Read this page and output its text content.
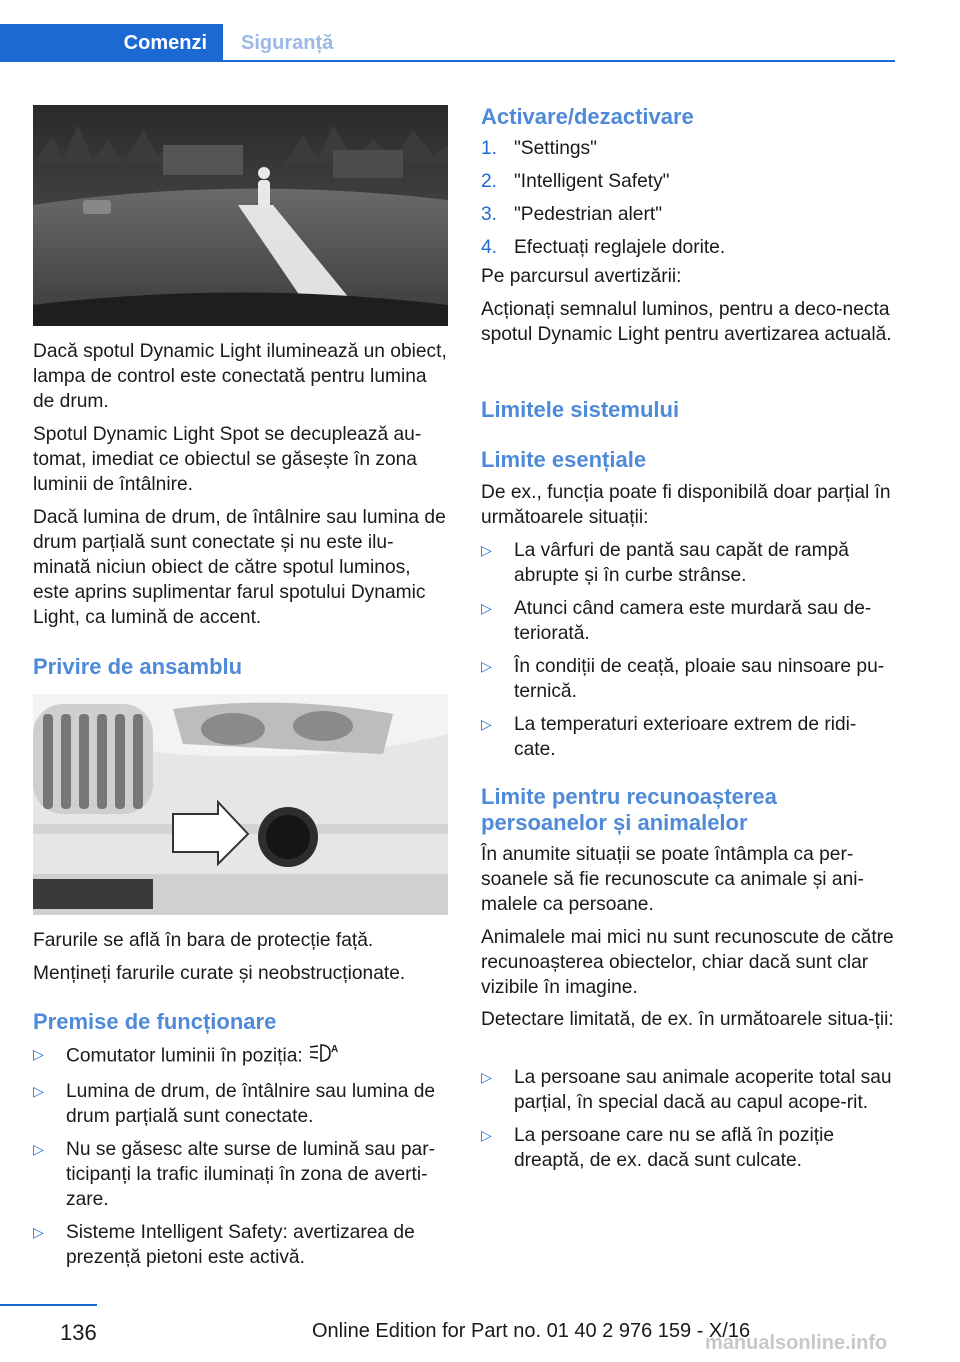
Comenzi	Siguranță

Dacă spotul Dynamic Light iluminează un obiect, lampa de control este conectată pentru lumina de drum.

Spotul Dynamic Light Spot se decuplează au‐tomat, imediat ce obiectul se găsește în zona luminii de întâlnire.

Dacă lumina de drum, de întâlnire sau lumina de drum parțială sunt conectate și nu este ilu‐minată niciun obiect de către spotul luminos, este aprins suplimentar farul spotului Dynamic Light, ca lumină de accent.

Privire de ansamblu

Farurile se află în bara de protecție față.

Mențineți farurile curate și neobstrucționate.

Premise de funcționare
▷ Comutator luminii în poziția:	A
▷ Lumina de drum, de întâlnire sau lumina de drum parțială sunt conectate.
▷ Nu se găsesc alte surse de lumină sau par‐ticipanți la trafic iluminați în zona de averti‐zare.
▷ Sisteme Intelligent Safety: avertizarea de prezență pietoni este activă.
Activare/dezactivare
1. "Settings"
2. "Intelligent Safety"
3. "Pedestrian alert"
4. Efectuați reglajele dorite.

Pe parcursul avertizării:

Acționați semnalul luminos, pentru a deco‐necta spotul Dynamic Light pentru avertizarea actuală.

Limitele sistemului
Limite esențiale

De ex., funcția poate fi disponibilă doar parțial în următoarele situații:

▷ La vârfuri de pantă sau capăt de rampă abrupte și în curbe strânse.
▷ Atunci când camera este murdară sau de‐teriorată.
▷ În condiții de ceață, ploaie sau ninsoare pu‐ternică.
▷ La temperaturi exterioare extrem de ridi‐cate.
Limite pentru recunoașterea persoanelor și animalelor

În anumite situații se poate întâmpla ca per‐soanele să fie recunoscute ca animale și ani‐malele ca persoane.

Animalele mai mici nu sunt recunoscute de către recunoașterea obiectelor, chiar dacă sunt clar vizibile în imagine.

Detectare limitată, de ex. în următoarele situa‐ții:

▷ La persoane sau animale acoperite total sau parțial, în special dacă au capul acope‐rit.
▷ La persoane care nu se află în poziție dreaptă, de ex. dacă sunt culcate.
136	Online Edition for Part no. 01 40 2 976 159 - X/16
manualsonline.info
